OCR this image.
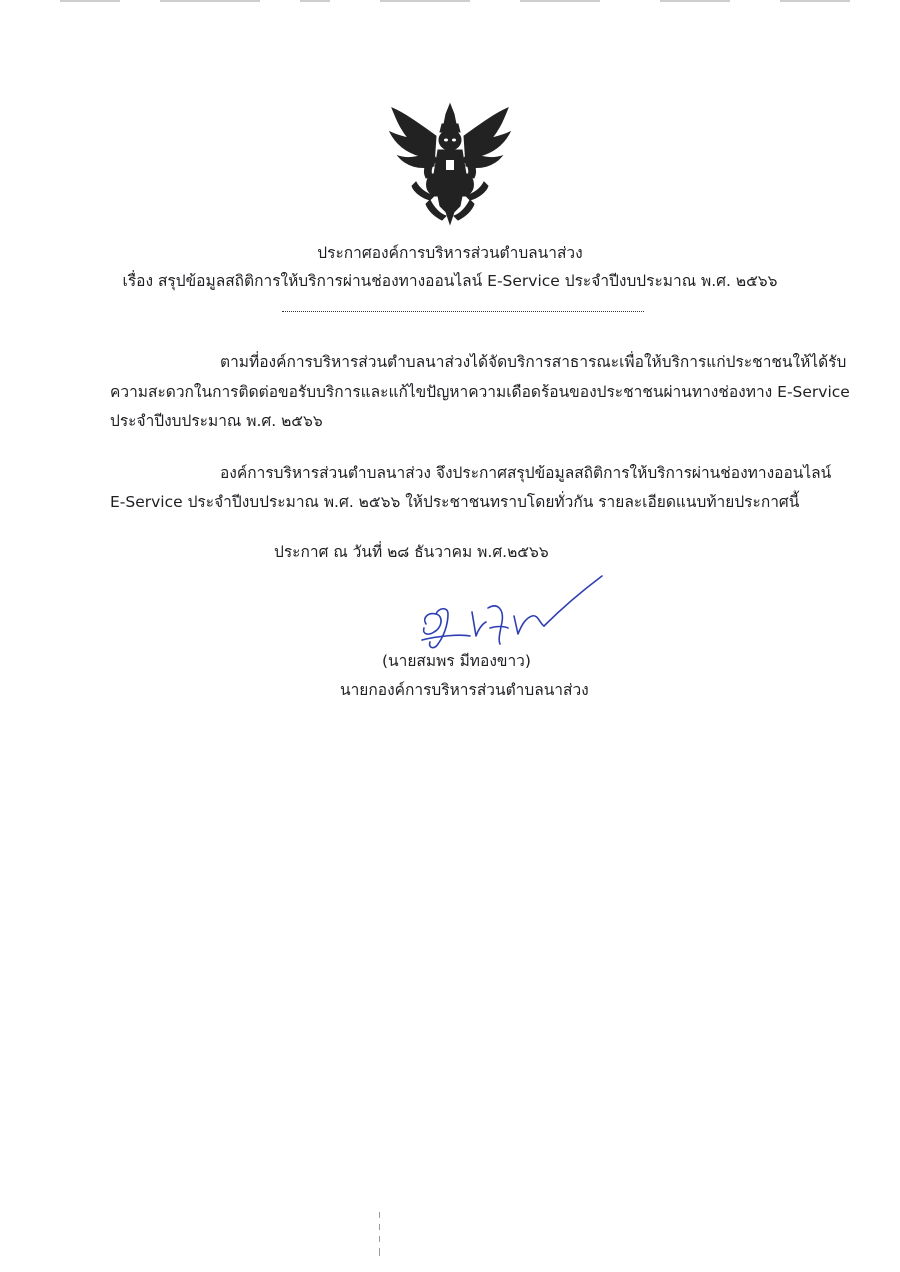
ประกาศองค์การบริหารส่วนตำบลนาส่วง
เรื่อง สรุปข้อมูลสถิติการให้บริการผ่านช่องทางออนไลน์ E-Service ประจำปีงบประมาณ พ.ศ. ๒๕๖๖
ตามที่องค์การบริหารส่วนตำบลนาส่วงได้จัดบริการสาธารณะเพื่อให้บริการแก่ประชาชนให้ได้รับ
ความสะดวกในการติดต่อขอรับบริการและแก้ไขปัญหาความเดือดร้อนของประชาชนผ่านทางช่องทาง E-Service
ประจำปีงบประมาณ พ.ศ. ๒๕๖๖
องค์การบริหารส่วนตำบลนาส่วง จึงประกาศสรุปข้อมูลสถิติการให้บริการผ่านช่องทางออนไลน์
E-Service ประจำปีงบประมาณ พ.ศ. ๒๕๖๖ ให้ประชาชนทราบโดยทั่วกัน รายละเอียดแนบท้ายประกาศนี้
ประกาศ ณ วันที่ ๒๘ ธันวาคม พ.ศ.๒๕๖๖
(นายสมพร มีทองขาว)
นายกองค์การบริหารส่วนตำบลนาส่วง
